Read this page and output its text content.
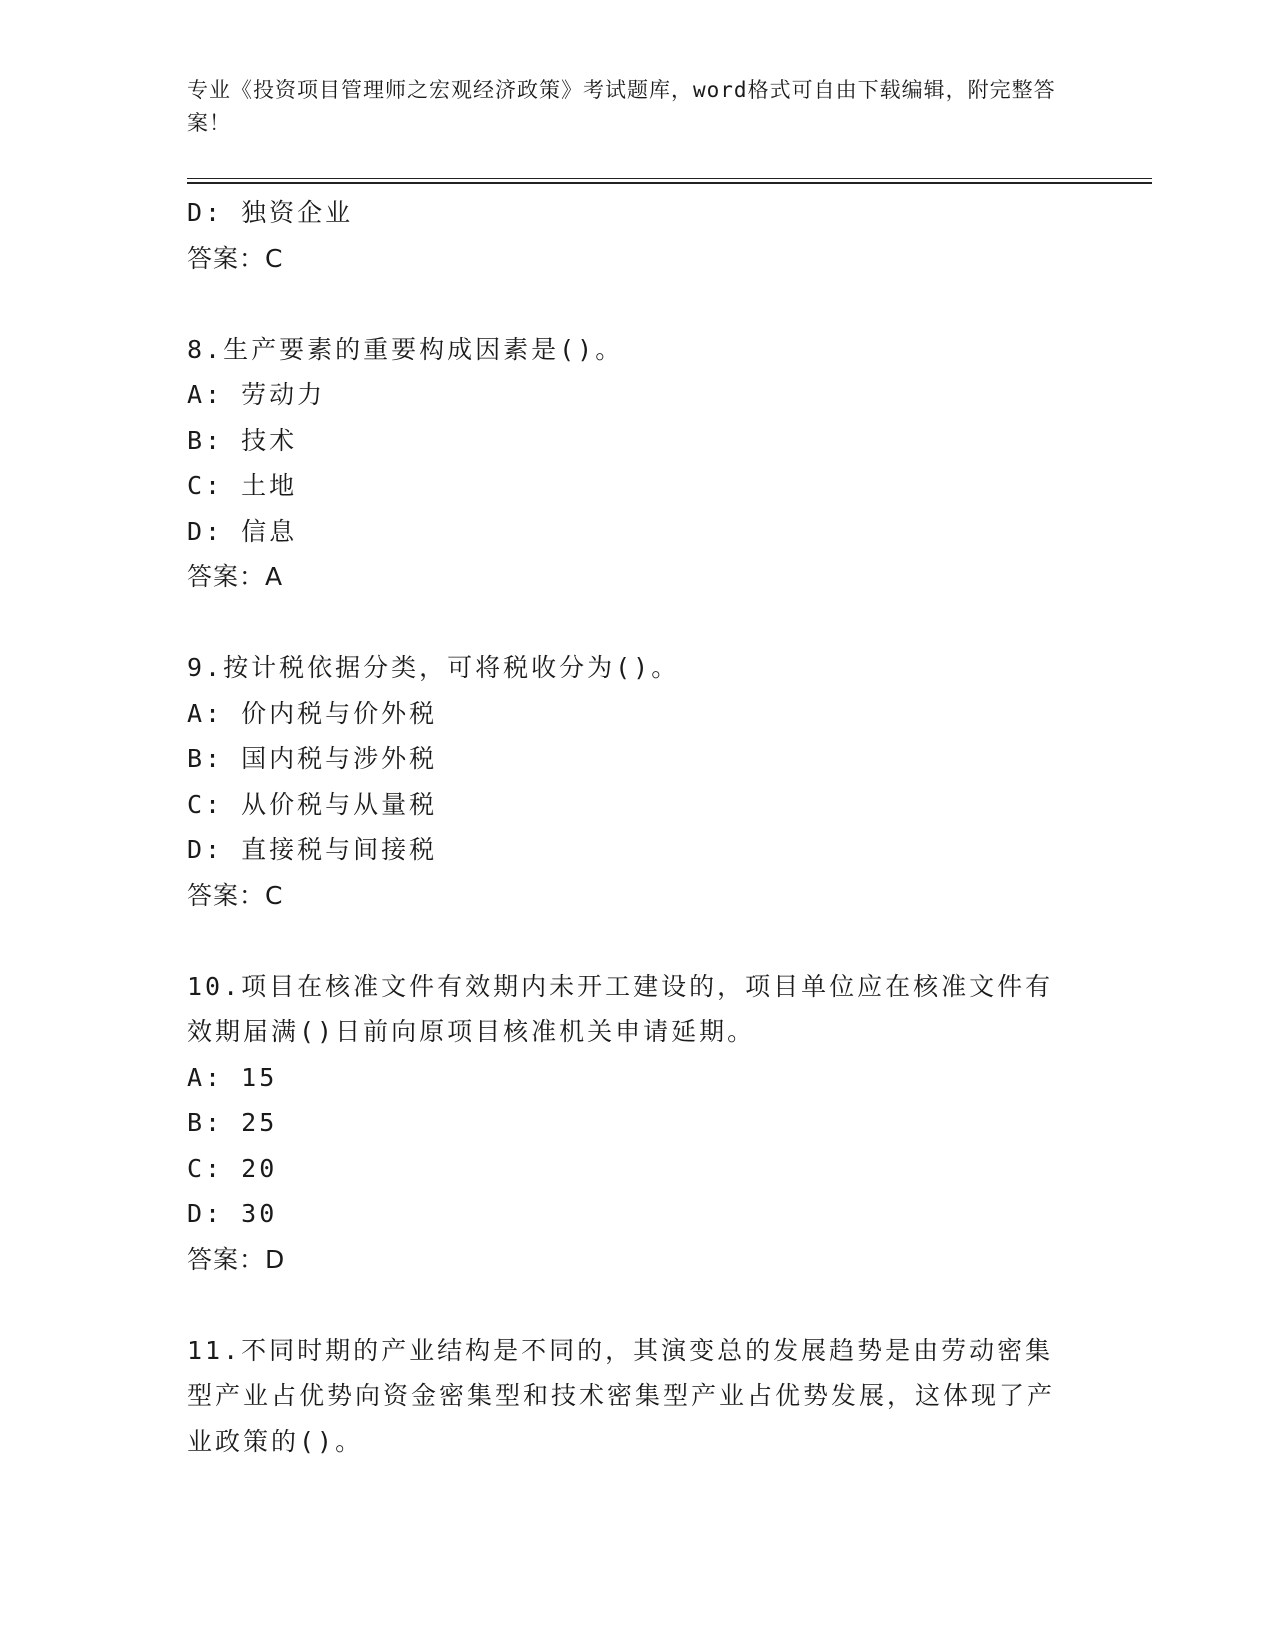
专业《投资项目管理师之宏观经济政策》考试题库，word格式可自由下载编辑，附完整答案！
D: 独资企业
答案：C
8.生产要素的重要构成因素是()。
A: 劳动力
B: 技术
C: 土地
D: 信息
答案：A
9.按计税依据分类，可将税收分为()。
A: 价内税与价外税
B: 国内税与涉外税
C: 从价税与从量税
D: 直接税与间接税
答案：C
10.项目在核准文件有效期内未开工建设的，项目单位应在核准文件有效期届满()日前向原项目核准机关申请延期。
A: 15
B: 25
C: 20
D: 30
答案：D
11.不同时期的产业结构是不同的，其演变总的发展趋势是由劳动密集型产业占优势向资金密集型和技术密集型产业占优势发展，这体现了产业政策的()。
